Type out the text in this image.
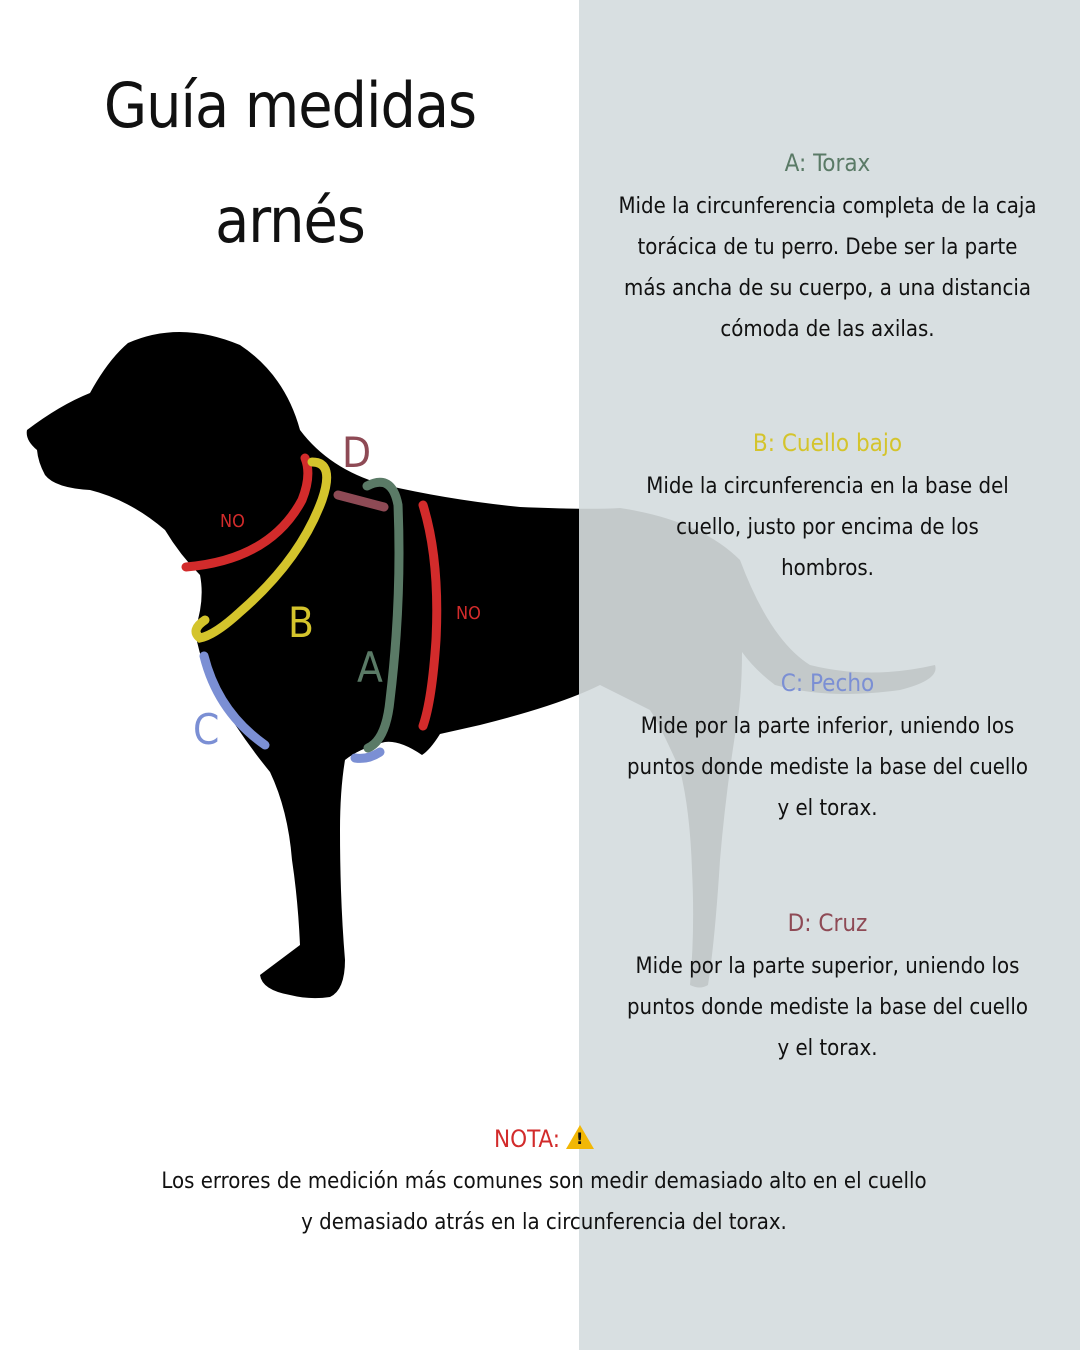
D
NO
B	NO
A
C
Guía medidas
arnés
A: Torax

Mide la circunferencia completa de la caja
torácica de tu perro. Debe ser la parte
más ancha de su cuerpo, a una distancia
cómoda de las axilas.

B: Cuello bajo

Mide la circunferencia en la base del
cuello, justo por encima de los
hombros.

C: Pecho

Mide por la parte inferior, uniendo los
puntos donde mediste la base del cuello
y el torax.

D: Cruz

Mide por la parte superior, uniendo los
puntos donde mediste la base del cuello
y el torax.

NOTA:!

Los errores de medición más comunes son medir demasiado alto en el cuello
y demasiado atrás en la circunferencia del torax.
